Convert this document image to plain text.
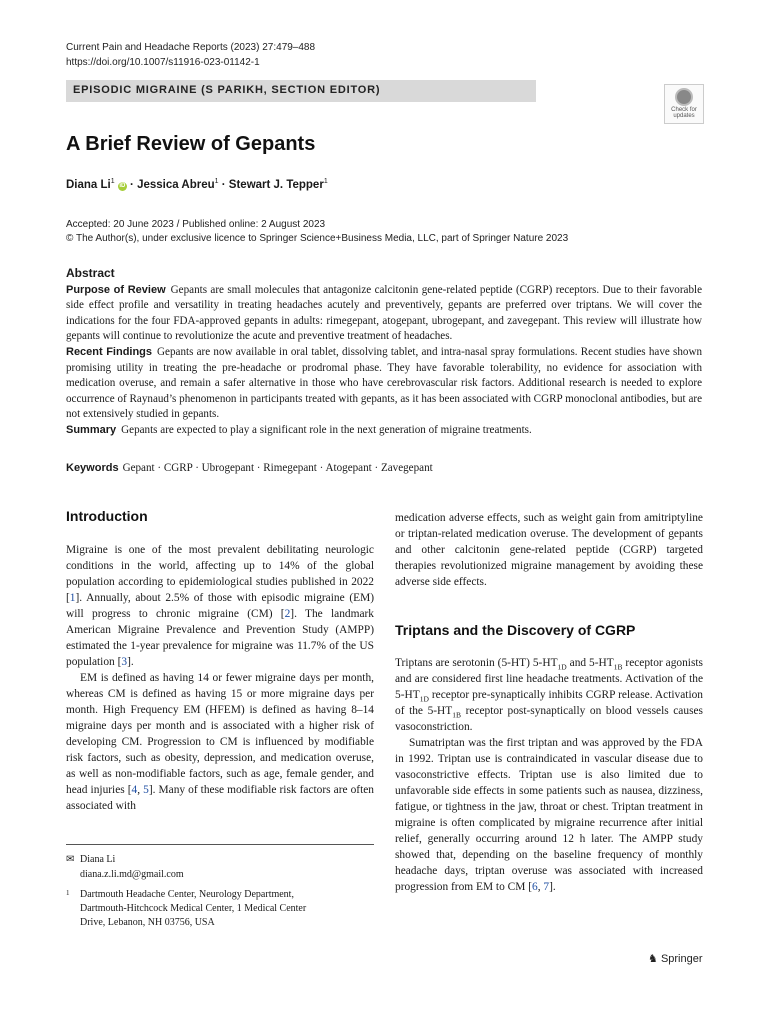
Current Pain and Headache Reports (2023) 27:479–488
https://doi.org/10.1007/s11916-023-01142-1
EPISODIC MIGRAINE (S PARIKH, SECTION EDITOR)
Check for
updates
A Brief Review of Gepants
Diana Li$^1$ iD · Jessica Abreu$^1$ · Stewart J. Tepper$^1$
Accepted: 20 June 2023 / Published online: 2 August 2023
© The Author(s), under exclusive licence to Springer Science+Business Media, LLC, part of Springer Nature 2023
Abstract

Purpose of Review Gepants are small molecules that antagonize calcitonin gene-related peptide (CGRP) receptors. Due to their favorable side effect profile and versatility in treating headaches acutely and preventively, gepants are preferred over triptans. We will cover the indications for the four FDA-approved gepants in adults: rimegepant, atogepant, ubrogepant, and zavegepant. This review will illustrate how gepants will continue to revolutionize the acute and preventive treatment of headaches.

Recent Findings Gepants are now available in oral tablet, dissolving tablet, and intra-nasal spray formulations. Recent studies have shown promising utility in treating the pre-headache or prodromal phase. They have favorable tolerability, no evidence for association with medication overuse, and remain a safer alternative in those who have cerebrovascular risk factors. Additional research is needed to explore occurrence of Raynaud’s phenomenon in participants treated with gepants, as it has been associated with CGRP monoclonal antibodies, but are not extensively studied in gepants.

Summary Gepants are expected to play a significant role in the next generation of migraine treatments.

Keywords Gepant · CGRP · Ubrogepant · Rimegepant · Atogepant · Zavegepant
Introduction

Migraine is one of the most prevalent debilitating neurologic conditions in the world, affecting up to 14% of the global population according to epidemiological studies published in 2022 [1]. Annually, about 2.5% of those with episodic migraine (EM) will progress to chronic migraine (CM) [2]. The landmark American Migraine Prevalence and Prevention Study (AMPP) estimated the 1-year prevalence for migraine was 11.7% of the US population [3].

EM is defined as having 14 or fewer migraine days per month, whereas CM is defined as having 15 or more migraine days per month. High Frequency EM (HFEM) is defined as having 8–14 migraine days per month and is associated with a higher risk of developing CM. Progression to CM is influenced by modifiable risk factors, such as obesity, depression, and medication overuse, as well as non-modifiable factors, such as age, female gender, and head injuries [4, 5]. Many of these modifiable risk factors are often associated with

medication adverse effects, such as weight gain from amitriptyline or triptan-related medication overuse. The development of gepants and other calcitonin gene-related peptide (CGRP) targeted therapies revolutionized migraine management by avoiding these adverse side effects.

Triptans and the Discovery of CGRP

Triptans are serotonin (5-HT) $5-HT_{1D}$ and $5-HT_{1B}$ receptor agonists and are considered first line headache treatments. Activation of the $5-HT_{1D}$ receptor pre-synaptically inhibits CGRP release. Activation of the $5-HT_{1B}$ receptor post-synaptically on blood vessels causes vasoconstriction.

Sumatriptan was the first triptan and was approved by the FDA in 1992. Triptan use is contraindicated in vascular disease due to vasoconstrictive effects. Triptan use is also limited due to unfavorable side effects in some patients such as nausea, dizziness, fatigue, or tightness in the jaw, throat or chest. Triptan treatment in migraine is often complicated by migraine recurrence after initial relief, generally occurring around 12 h later. The AMPP study showed that, depending on the baseline frequency of monthly headache days, triptan overuse was associated with increased progression from EM to CM [6, 7].

✉ Diana Li
diana.z.li.md@gmail.com
1 Dartmouth Headache Center, Neurology Department,
Dartmouth-Hitchcock Medical Center, 1 Medical Center
Drive, Lebanon, NH 03756, USA
♞ Springer
